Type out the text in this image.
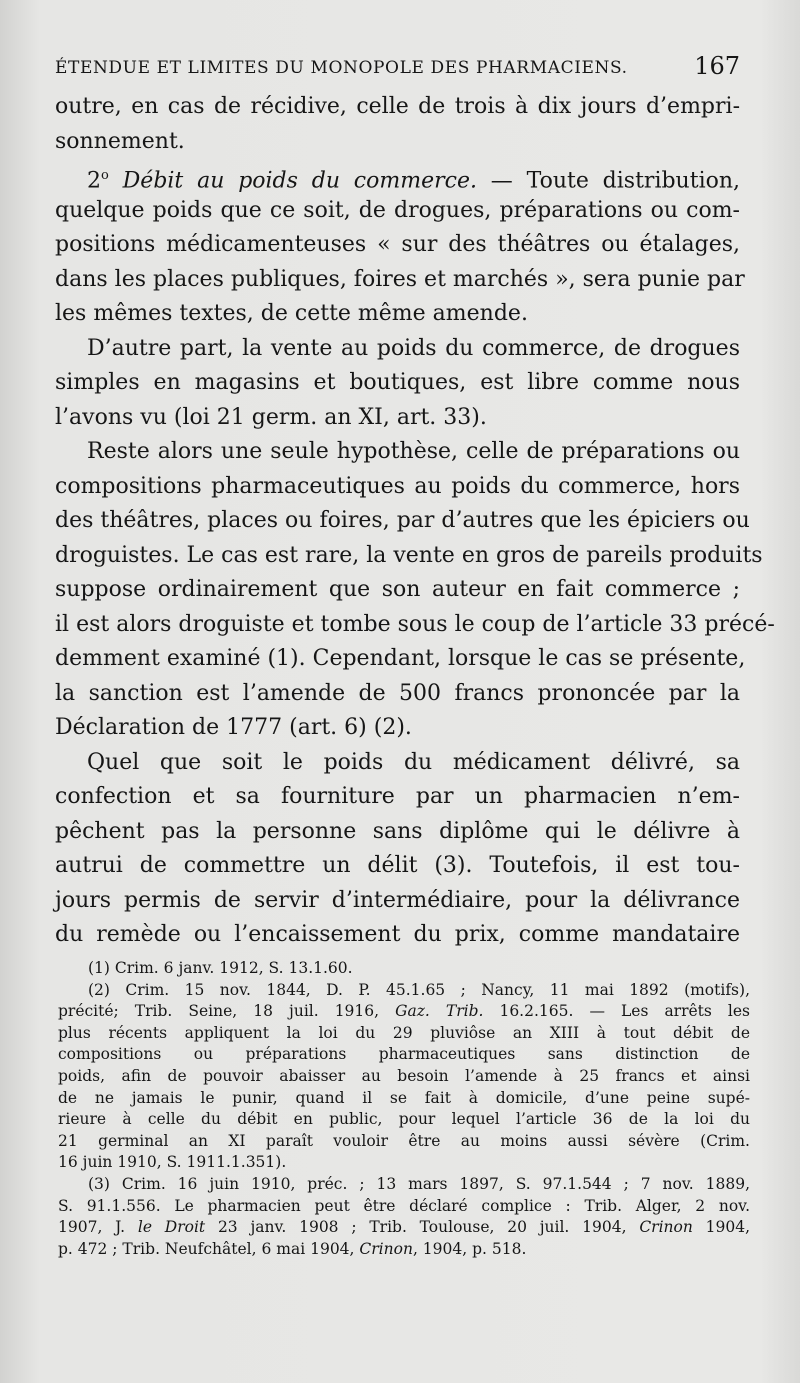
ÉTENDUE ET LIMITES DU MONOPOLE DES PHARMACIENS.	167
outre, en cas de récidive, celle de trois à dix jours d’empri-
sonnement.
2$^o$ Débit au poids du commerce. — Toute distribution,
quelque poids que ce soit, de drogues, préparations ou com-
positions médicamenteuses « sur des théâtres ou étalages,
dans les places publiques, foires et marchés », sera punie par
les mêmes textes, de cette même amende.
D’autre part, la vente au poids du commerce, de drogues
simples en magasins et boutiques, est libre comme nous
l’avons vu (loi 21 germ. an XI, art. 33).
Reste alors une seule hypothèse, celle de préparations ou
compositions pharmaceutiques au poids du commerce, hors
des théâtres, places ou foires, par d’autres que les épiciers ou
droguistes. Le cas est rare, la vente en gros de pareils produits
suppose ordinairement que son auteur en fait commerce ;
il est alors droguiste et tombe sous le coup de l’article 33 précé-
demment examiné (1). Cependant, lorsque le cas se présente,
la sanction est l’amende de 500 francs prononcée par la
Déclaration de 1777 (art. 6) (2).
Quel que soit le poids du médicament délivré, sa
confection et sa fourniture par un pharmacien n’em-
pêchent pas la personne sans diplôme qui le délivre à
autrui de commettre un délit (3). Toutefois, il est tou-
jours permis de servir d’intermédiaire, pour la délivrance
du remède ou l’encaissement du prix, comme mandataire
(1) Crim. 6 janv. 1912, S. 13.1.60.
(2) Crim. 15 nov. 1844, D. P. 45.1.65 ; Nancy, 11 mai 1892 (motifs),
précité; Trib. Seine, 18 juil. 1916, Gaz. Trib. 16.2.165. — Les arrêts les
plus récents appliquent la loi du 29 pluviôse an XIII à tout débit de
compositions ou préparations pharmaceutiques sans distinction de
poids, afin de pouvoir abaisser au besoin l’amende à 25 francs et ainsi
de ne jamais le punir, quand il se fait à domicile, d’une peine supé-
rieure à celle du débit en public, pour lequel l’article 36 de la loi du
21 germinal an XI paraît vouloir être au moins aussi sévère (Crim.
16 juin 1910, S. 1911.1.351).
(3) Crim. 16 juin 1910, préc. ; 13 mars 1897, S. 97.1.544 ; 7 nov. 1889,
S. 91.1.556. Le pharmacien peut être déclaré complice : Trib. Alger, 2 nov.
1907, J. le Droit 23 janv. 1908 ; Trib. Toulouse, 20 juil. 1904, Crinon 1904,
p. 472 ; Trib. Neufchâtel, 6 mai 1904, Crinon, 1904, p. 518.
